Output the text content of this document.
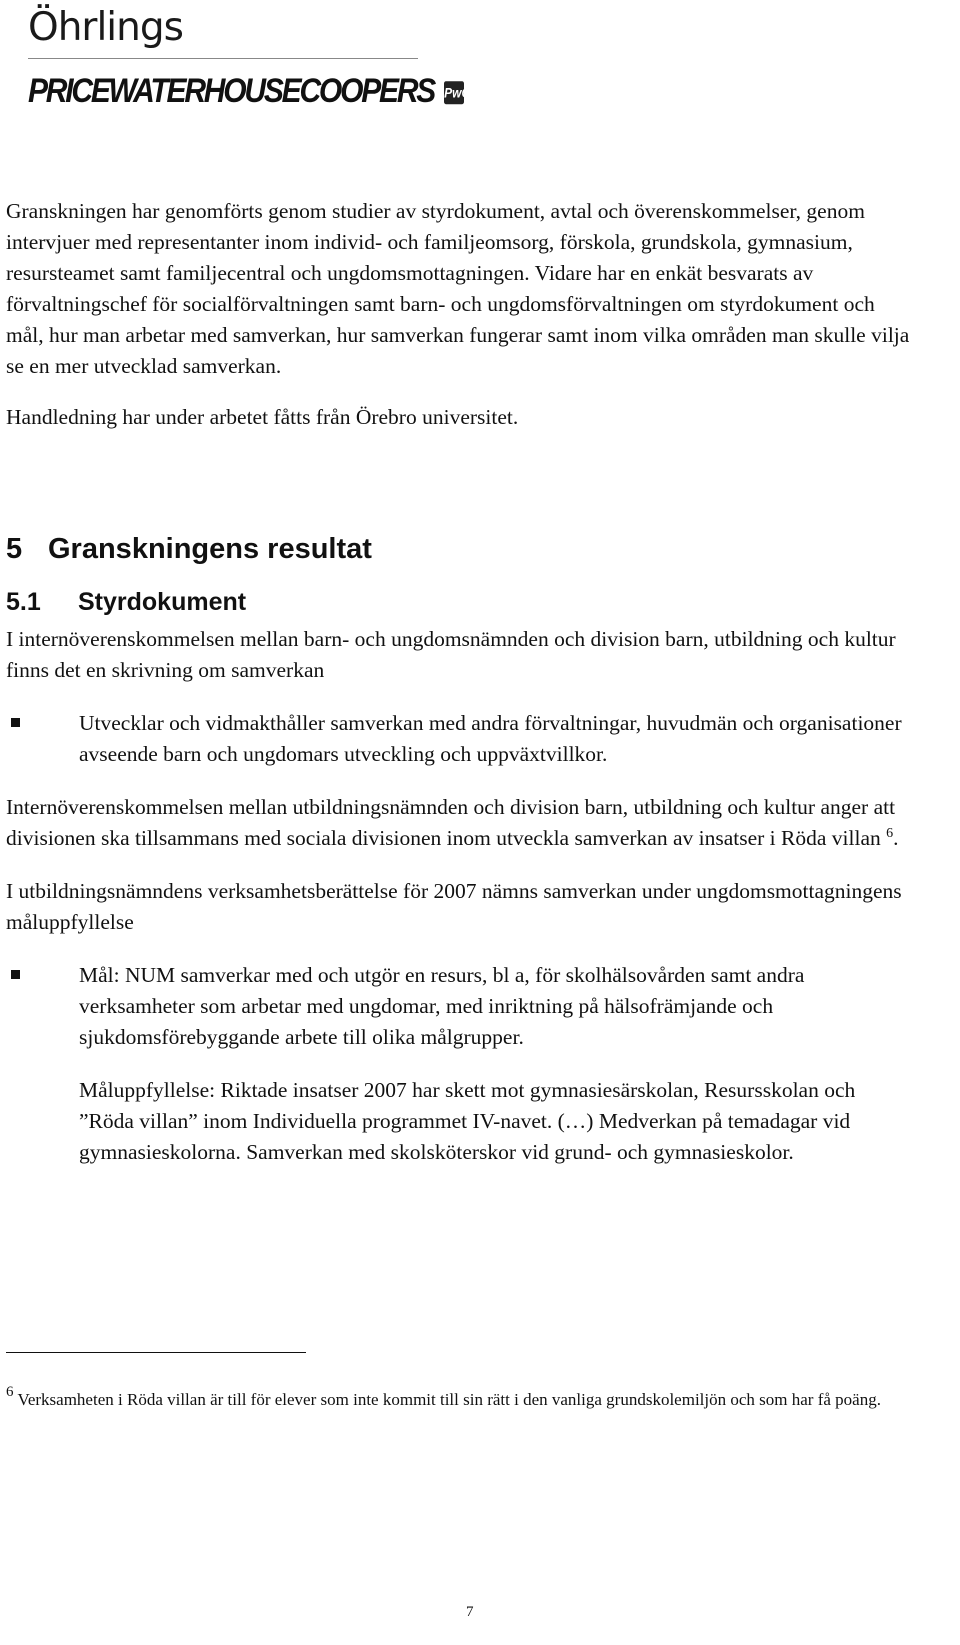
Öhrlings
PRICEWATERHOUSECOOPERS PwC

Granskningen har genomförts genom studier av styrdokument, avtal och överenskommelser, genom intervjuer med representanter inom individ- och familjeomsorg, förskola, grundskola, gymnasium, resursteamet samt familjecentral och ungdomsmottagningen. Vidare har en enkät besvarats av förvaltningschef för socialförvaltningen samt barn- och ungdomsförvaltningen om styrdokument och mål, hur man arbetar med samverkan, hur samverkan fungerar samt inom vilka områden man skulle vilja se en mer utvecklad samverkan.

Handledning har under arbetet fåtts från Örebro universitet.

5 Granskningens resultat
5.1 Styrdokument

I internöverenskommelsen mellan barn- och ungdomsnämnden och division barn, utbildning och kultur finns det en skrivning om samverkan

Utvecklar och vidmakthåller samverkan med andra förvaltningar, huvudmän och organisationer avseende barn och ungdomars utveckling och uppväxtvillkor.

Internöverenskommelsen mellan utbildningsnämnden och division barn, utbildning och kultur anger att divisionen ska tillsammans med sociala divisionen inom utveckla samverkan av insatser i Röda villan $^6$.

I utbildningsnämndens verksamhetsberättelse för 2007 nämns samverkan under ungdomsmottagningens måluppfyllelse

Mål: NUM samverkar med och utgör en resurs, bl a, för skolhälsovården samt andra verksamheter som arbetar med ungdomar, med inriktning på hälsofrämjande och sjukdomsförebyggande arbete till olika målgrupper.

Måluppfyllelse: Riktade insatser 2007 har skett mot gymnasiesärskolan, Resursskolan och ”Röda villan” inom Individuella programmet IV-navet. (…) Medverkan på temadagar vid gymnasieskolorna. Samverkan med skolsköterskor vid grund- och gymnasieskolor.

$^6$ Verksamheten i Röda villan är till för elever som inte kommit till sin rätt i den vanliga grundskolemiljön och som har få poäng.
7
